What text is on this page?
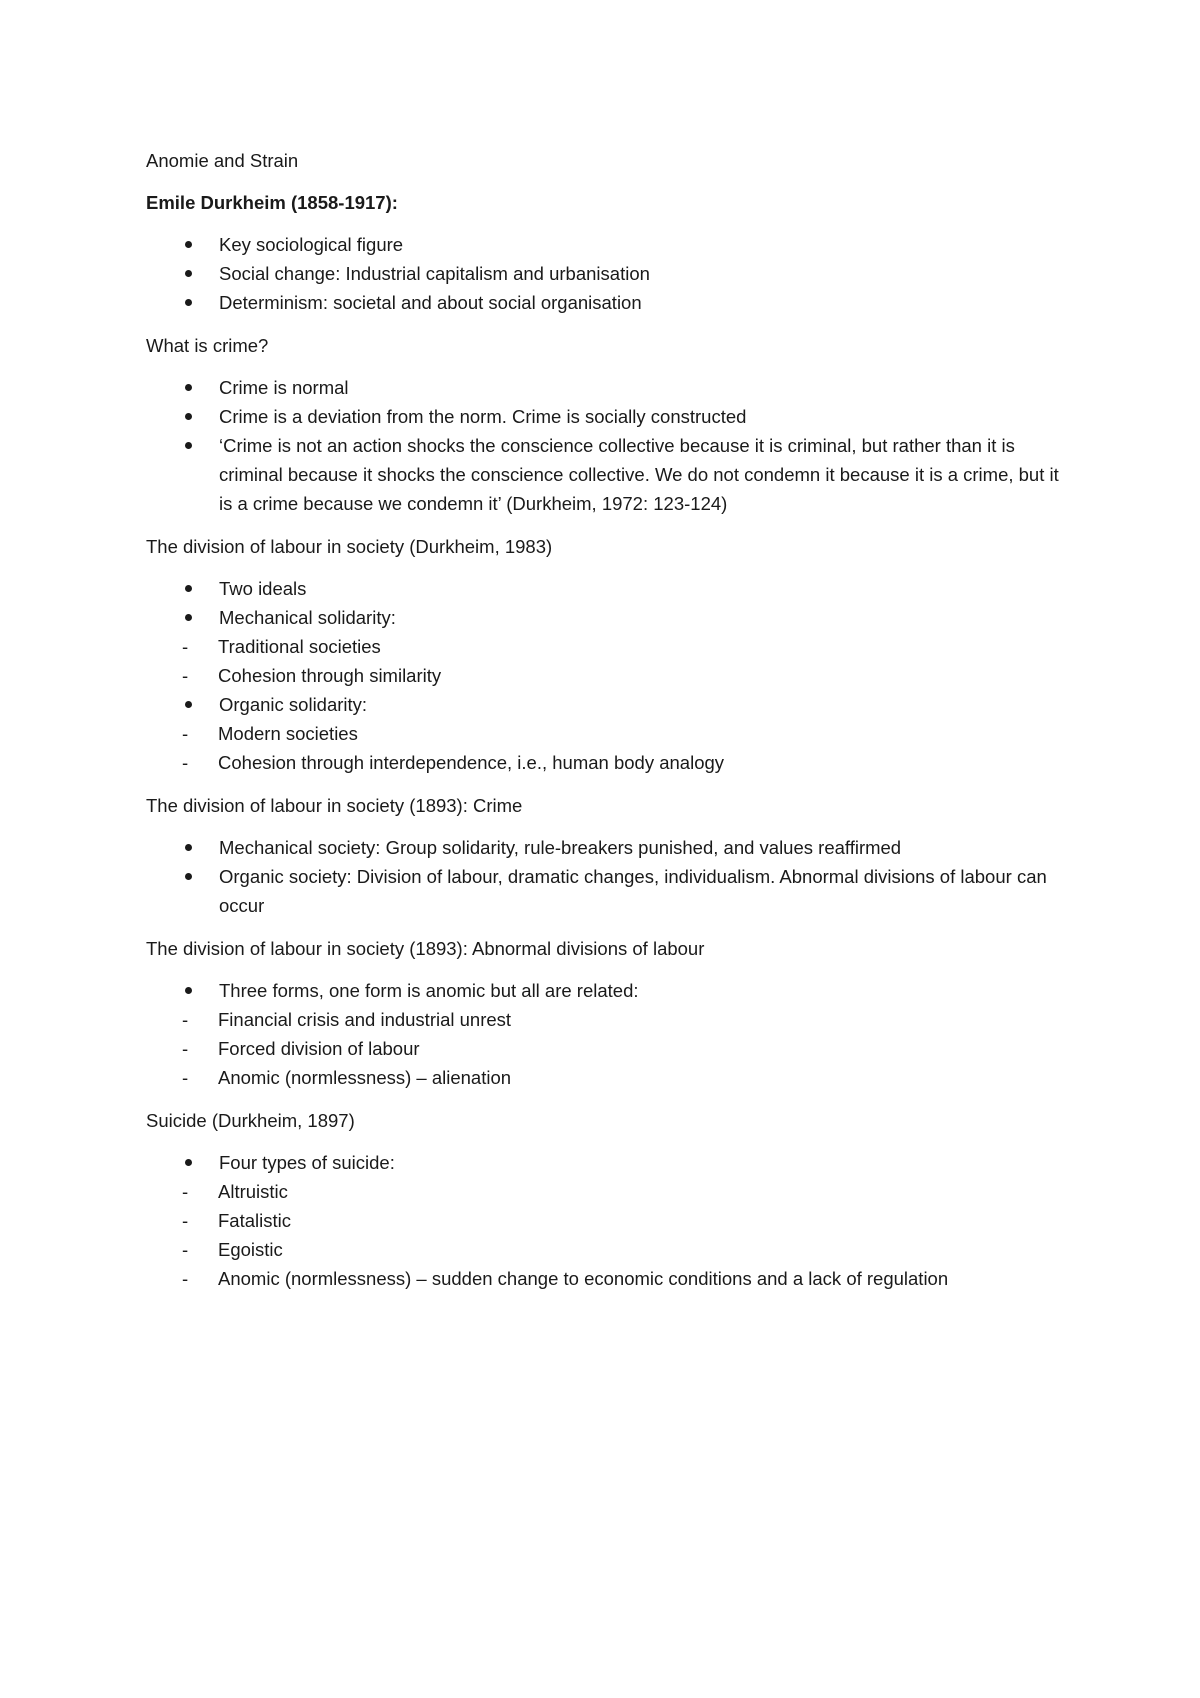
Anomie and Strain

Emile Durkheim (1858-1917):

Key sociological figure
Social change: Industrial capitalism and urbanisation
Determinism: societal and about social organisation

What is crime?

Crime is normal
Crime is a deviation from the norm. Crime is socially constructed
‘Crime is not an action shocks the conscience collective because it is criminal, but rather than it is criminal because it shocks the conscience collective. We do not condemn it because it is a crime, but it is a crime because we condemn it’ (Durkheim, 1972: 123-124)

The division of labour in society (Durkheim, 1983)

Two ideals
Mechanical solidarity:
- Traditional societies
- Cohesion through similarity
Organic solidarity:
- Modern societies
- Cohesion through interdependence, i.e., human body analogy

The division of labour in society (1893): Crime

Mechanical society: Group solidarity, rule-breakers punished, and values reaffirmed
Organic society: Division of labour, dramatic changes, individualism. Abnormal divisions of labour can occur

The division of labour in society (1893): Abnormal divisions of labour

Three forms, one form is anomic but all are related:
- Financial crisis and industrial unrest
- Forced division of labour
- Anomic (normlessness) – alienation

Suicide (Durkheim, 1897)

Four types of suicide:
- Altruistic
- Fatalistic
- Egoistic
- Anomic (normlessness) – sudden change to economic conditions and a lack of regulation
